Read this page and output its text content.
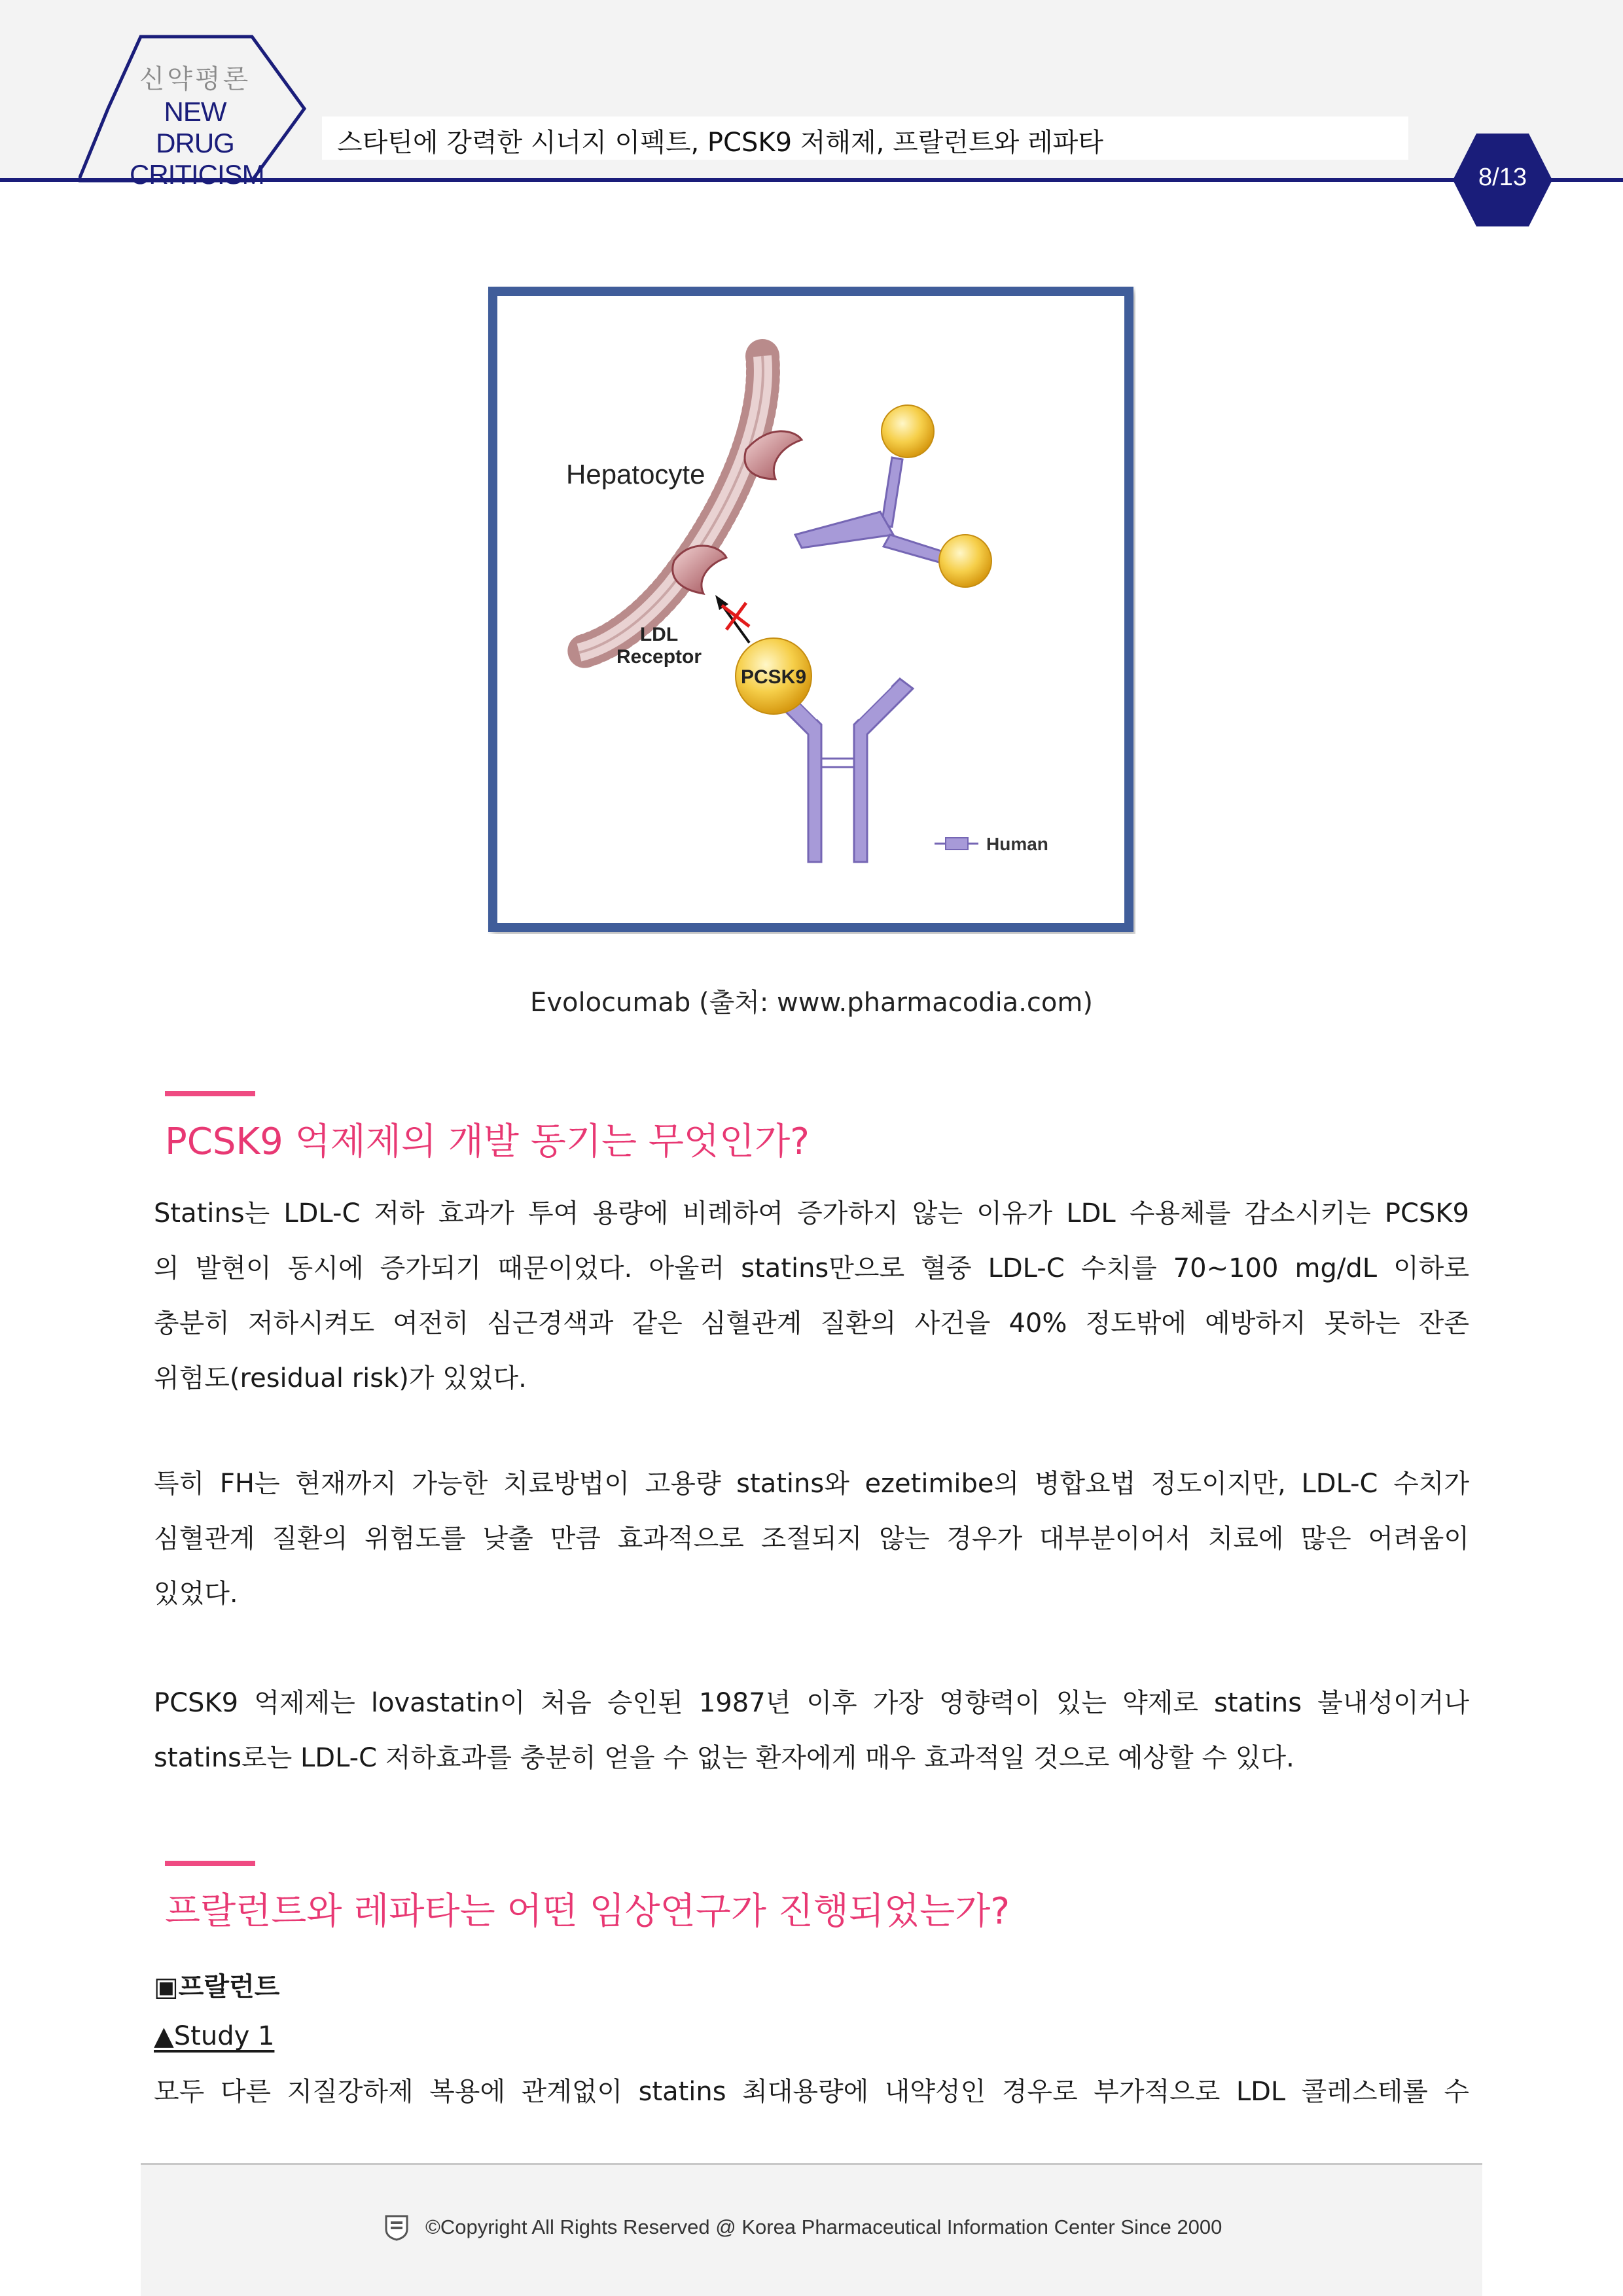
신약평론
NEW DRUG
CRITICISM
스타틴에 강력한 시너지 이펙트, PCSK9 저해제, 프랄런트와 레파타
8/13
Hepatocyte
LDL
Receptor
PCSK9
Human
Evolocumab (출처: www.pharmacodia.com)
PCSK9 억제제의 개발 동기는 무엇인가?
Statins는 LDL-C 저하 효과가 투여 용량에 비례하여 증가하지 않는 이유가 LDL 수용체를 감소시키는 PCSK9
의 발현이 동시에 증가되기 때문이었다. 아울러 statins만으로 혈중 LDL-C 수치를 70~100 mg/dL 이하로
충분히 저하시켜도 여전히 심근경색과 같은 심혈관계 질환의 사건을 40% 정도밖에 예방하지 못하는 잔존
위험도(residual risk)가 있었다.
특히 FH는 현재까지 가능한 치료방법이 고용량 statins와 ezetimibe의 병합요법 정도이지만, LDL-C 수치가
심혈관계 질환의 위험도를 낮출 만큼 효과적으로 조절되지 않는 경우가 대부분이어서 치료에 많은 어려움이
있었다.
PCSK9 억제제는 lovastatin이 처음 승인된 1987년 이후 가장 영향력이 있는 약제로 statins 불내성이거나
statins로는 LDL-C 저하효과를 충분히 얻을 수 없는 환자에게 매우 효과적일 것으로 예상할 수 있다.
프랄런트와 레파타는 어떤 임상연구가 진행되었는가?
▣프랄런트
▲Study 1
모두 다른 지질강하제 복용에 관계없이 statins 최대용량에 내약성인 경우로 부가적으로 LDL 콜레스테롤 수
©Copyright All Rights Reserved @ Korea Pharmaceutical Information Center Since 2000
